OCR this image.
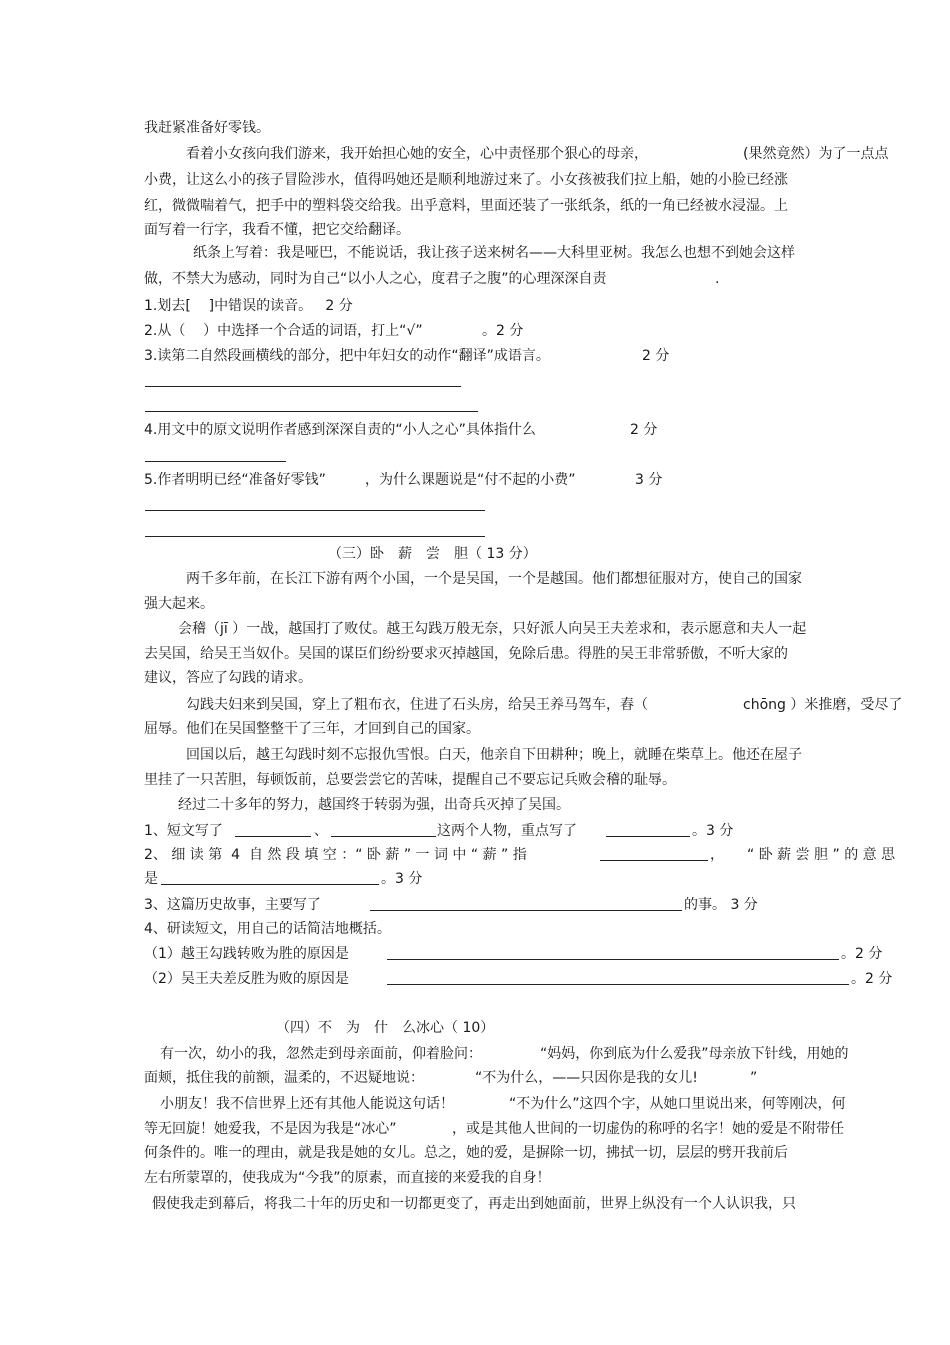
我赶紧准备好零钱。
看着小女孩向我们游来，我开始担心她的安全，心中责怪那个狠心的母亲，	(果然竟然）为了一点点
小费，让这么小的孩子冒险涉水，值得吗她还是顺利地游过来了。小女孩被我们拉上船，她的小脸已经涨
红，微微喘着气，把手中的塑料袋交给我。出乎意料，里面还装了一张纸条，纸的一角已经被水浸湿。上
面写着一行字，我看不懂，把它交给翻译。
纸条上写着：我是哑巴，不能说话，我让孩子送来树名——大科里亚树。我怎么也想不到她会这样
做，不禁大为感动，同时为自己“以小人之心，度君子之腹”的心理深深自责	.
1.划去[    ]中错误的读音。   2 分
2.从（    ）中选择一个合适的词语，打上“√”	。2 分
3.读第二自然段画横线的部分，把中年妇女的动作“翻译”成语言。	2 分
4.用文中的原文说明作者感到深深自责的“小人之心”具体指什么	2 分
5.作者明明已经“准备好零钱”	，为什么课题说是“付不起的小费”	3 分
（三）卧　薪　尝　胆（ 13 分）
两千多年前，在长江下游有两个小国，一个是吴国，一个是越国。他们都想征服对方，使自己的国家
强大起来。
会稽（jī ）一战，越国打了败仗。越王勾践万般无奈，只好派人向吴王夫差求和，表示愿意和夫人一起
去吴国，给吴王当奴仆。吴国的谋臣们纷纷要求灭掉越国，免除后患。得胜的吴王非常骄傲，不听大家的
建议，答应了勾践的请求。
勾践夫妇来到吴国，穿上了粗布衣，住进了石头房，给吴王养马驾车，舂（	chōng ）米推磨，受尽了
屈辱。他们在吴国整整干了三年，才回到自己的国家。
回国以后，越王勾践时刻不忘报仇雪恨。白天，他亲自下田耕种；晚上，就睡在柴草上。他还在屋子
里挂了一只苦胆，每顿饭前，总要尝尝它的苦味，提醒自己不要忘记兵败会稽的耻辱。
经过二十多年的努力，越国终于转弱为强，出奇兵灭掉了吴国。
1、短文写了	、	这两个人物，重点写了	。3 分
2、 细 读 第  4  自 然 段 填 空 ：“ 卧 薪 ” 一 词 中 “ 薪 ” 指	， “ 卧 薪 尝 胆 ” 的 意 思
是	。3 分
3、这篇历史故事，主要写了	的事。 3 分
4、研读短文，用自己的话简洁地概括。
（1）越王勾践转败为胜的原因是	。2 分
（2）吴王夫差反胜为败的原因是	。2 分
（四）不　为　什　么冰心（ 10）
有一次，幼小的我，忽然走到母亲面前，仰着脸问：	“妈妈，你到底为什么爱我”母亲放下针线，用她的
面颊，抵住我的前额，温柔的，不迟疑地说：	“不为什么，——只因你是我的女儿!	”
小朋友！我不信世界上还有其他人能说这句话！	“不为什么”这四个字，从她口里说出来，何等刚决，何
等无回旋！她爱我，不是因为我是“冰心”	，或是其他人世间的一切虚伪的称呼的名字！她的爱是不附带任
何条件的。唯一的理由，就是我是她的女儿。总之，她的爱，是摒除一切，拂拭一切，层层的劈开我前后
左右所蒙罩的，使我成为“今我”的原素，而直接的来爱我的自身！
假使我走到幕后，将我二十年的历史和一切都更变了，再走出到她面前，世界上纵没有一个人认识我，只
